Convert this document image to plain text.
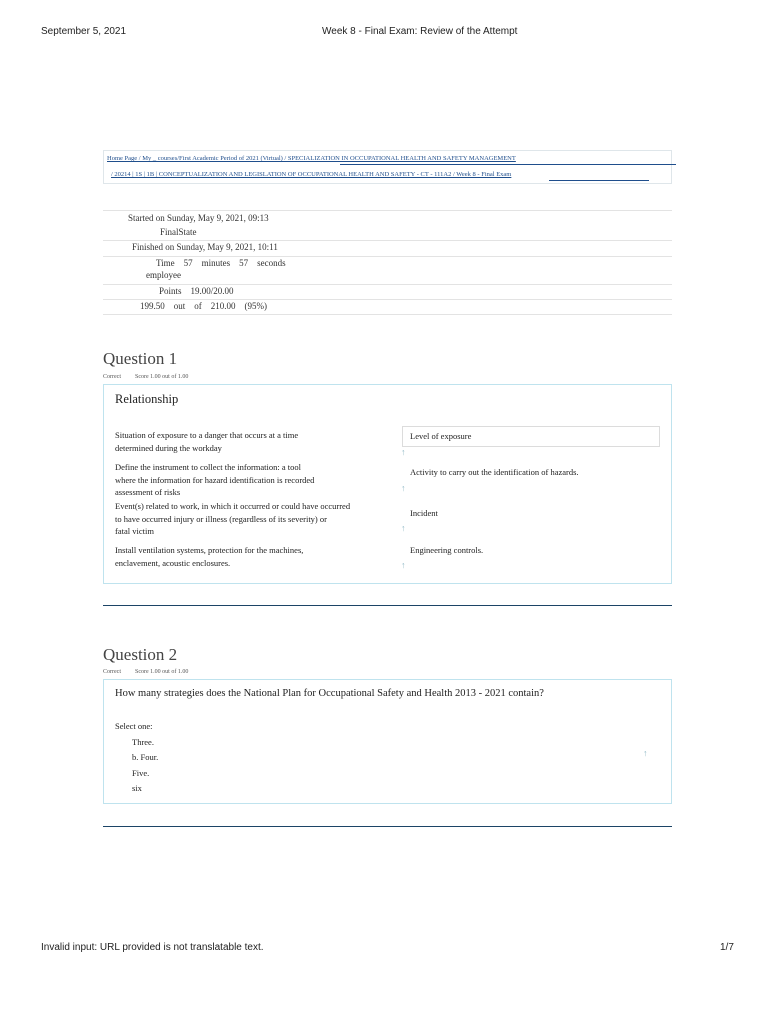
September 5, 2021	Week 8 - Final Exam: Review of the Attempt
Home Page / My _ courses/First Academic Period of 2021 (Virtual) / SPECIALIZATION IN OCCUPATIONAL HEALTH AND SAFETY MANAGEMENT
/ 20214 | 1S | 1B | CONCEPTUALIZATION AND LEGISLATION OF OCCUPATIONAL HEALTH AND SAFETY - CT - 111A2 / Week 8 - Final Exam
Started on Sunday, May 9, 2021, 09:13
FinalState
Finished on Sunday, May 9, 2021, 10:11
Time    57    minutes    57    seconds
employee
Points    19.00/20.00
199.50    out    of    210.00    (95%)
Question 1
Correct Score 1.00 out of 1.00
Relationship
Situation of exposure to a danger that occurs at a time
determined during the workday
Level of exposure
↑
Define the instrument to collect the information: a tool
where the information for hazard identification is recorded
assessment of risks
Activity to carry out the identification of hazards.
↑
Event(s) related to work, in which it occurred or could have occurred
to have occurred injury or illness (regardless of its severity) or
fatal victim
Incident
↑
Install ventilation systems, protection for the machines,
enclavement, acoustic enclosures.
Engineering controls.
↑
Question 2
Correct Score 1.00 out of 1.00
How many strategies does the National Plan for Occupational Safety and Health 2013 - 2021 contain?
Select one:
Three.
b. Four.
Five.
six
↑
Invalid input: URL provided is not translatable text.	1/7
